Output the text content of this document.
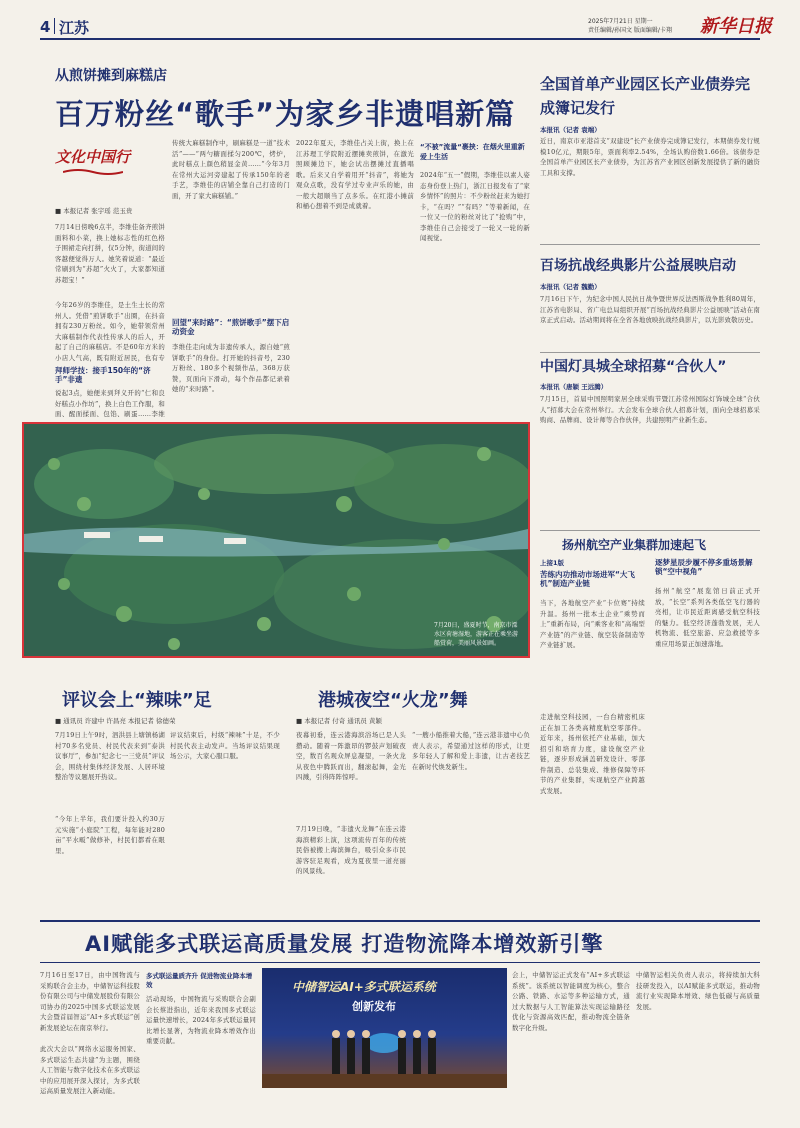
4 江苏	2025年7月21日 星期一
责任编辑/孙国文 版面编辑/卡翔 新华日报
从煎饼摊到麻糕店
百万粉丝“歌手”为家乡非遗唱新篇
文化中国行
■ 本报记者 张宇瑶 范玉贵
7月14日傍晚6点半，李维佳备齐煎饼面料和小菜，换上她标志性的红色格子围裙走向打拼，仅5分钟，街道间的客越便觉得万人。她笑着说道：“最近常刷到为“苏超”火火了，大家都知道苏超宝！”
今年26岁的李维佳，是土生土长的常州人。凭借“煎饼歌手”出圈，在抖音拥有230万粉丝。如今，她带领常州大麻糕制作代表性传承人的后人，开起了自己的麻糕店。不是60年方米的小店人气高，既有附近居民，也有专
拜师学技：接手150年的“济手”非遗
说起3点，她便来到拜义开的“仁和良好糕点小作坊”，换上白色工作服，和面、醒面揉面、包馅、刷蛋……李维
传统大麻糕制作中，刷麻糕是一道“技术活”——“两勺糖面揉匀200℃，烤炉，此时糕点上颜色稍显金黄……“今年3月在常州大运河旁建起了传承150年的老手艺，李维佳的店铺全靠自己打造的门面，开了家大麻糕铺。”
回望“来时路”：“煎饼歌手”摆下启动资金
李维佳走向成为非遗传承人，源自她“煎饼歌手”的身份。打开她的抖音号，230万粉丝、180多个视频作品，368万获赞，页面向下滑动，每个作品都记录着她的“来时路”。
2022年夏天，李维佳占关上街，换上在江苏理工学院附近摆摊卖煎饼，在激光照顾摊边下，她会试出摆摊过直播唱歌。后来又自学着用开“抖音”，将她为观众点歌，没有学过专业声乐的她，由一般大超顺当了点多乐。在红港小摊前和桶心想着不到是成就着。
“不被”流量“裹挟：在烟火里重新爱上生活
2024年“五一”假期，李维佳以素人姿态身份登上热门，浙江日报发布了“家乡情怀”的照片：不少粉丝赶来为她打卡，“在吗？”“有吗？”等着新闻，在一位又一位的粉丝对比了“抢购”中，李维佳自己会接受了一轮又一轮的新闻视觉。
7月20日，盛夏时节，南京市溧水区荷塘湿地，游客正在乘坐游船赏荷，美丽风景如画。
全国首单产业园区长产业债券完成簿记发行
本报讯（记者 袁端）
近日，南京市亚港首支“双建设”长产业债券完成簿记发行，本期债券发行规模10亿元，期限5年，票面利率2.54%，全场认购倍数1.66倍。该债券是全国首单产业园区长产业债券，为江苏省产业园区创新发展提供了新的融资工具和支撑。
百场抗战经典影片公益展映启动
本报讯（记者 魏勤）
7月16日下午，为纪念中国人民抗日战争暨世界反法西斯战争胜利80周年，江苏省电影局、省广电总局组织开展“百场抗战经典影片公益展映”活动在南京正式启动。活动期间将在全省各地放映抗战经典影片，以光影致敬历史。
中国灯具城全球招募“合伙人”
本报讯（唐颖 王远腾）
7月15日，首届中国照明家居全球采购节暨江苏常州国际灯饰城全球“合伙人”招募大会在常州举行。大会发布全球合伙人招募计划，面向全球招募采购商、品牌商、设计师等合作伙伴，共建照明产业新生态。
扬州航空产业集群加速起飞
上接1版
苦练内功推动市场进军“大飞机”制造产业链
逐梦星辰步履不停多重场景解锁“空中视角”
当下，各地航空产业“卡位赛”持续升温。扬州一批本土企业“乘势而上”重新布局，向“乘客业和“高端型产业链”的产业链、航空装备制造等产业链扩展。
走进航空科技园，一台台精密机床正在加工各类高精度航空零部件。近年来，扬州依托产业基础，加大招引和培育力度，建设航空产业链，逐步形成涵盖研发设计、零部件制造、总装集成、维修保障等环节的产业集群，实现航空产业跨越式发展。
扬州“航空”展览馆日前正式开放，“长空”系列各类低空飞行器的亮相，让市民近距离感受航空科技的魅力。低空经济蓬勃发展，无人机物流、低空旅游、应急救援等多重应用场景正加速落地。
评议会上“辣味”足
■ 通讯员 许建中 许昌亮 本报记者 徐德荣
7月19日上午9时，泗洪县上塘镇杨湖村70多名党员、村民代表来到“泰洪议事厅”，参加“纪念七一三党员”评议会，围绕村集体经济发展、人居环境整治等议题展开热议。
“今年上半年，我们要计投入约30万元实施“小庭院”工程，每年能对280亩“平水畈”做修补，村民们都看在眼里。
评议结束后，村级“辣味”十足，不少村民代表主动发声。当场评议结果现场公示，大家心服口服。
港城夜空“火龙”舞
■ 本报记者 付奇 通讯员 黄颖
夜幕初垂，连云港海滨浴场已是人头攒动。随着一阵激昂的锣鼓声划破夜空，数百名观众屏息凝望，一条火龙从夜色中腾跃而出，翻滚起舞，金光四溅，引得阵阵惊呼。
7月19日晚，“非遗火龙舞”在连云港海滨精彩上演，这项流传百年的传统民俗被搬上海滨舞台，吸引众多市民游客驻足观看，成为夏夜里一道亮丽的风景线。
“一艘小船推着大船，”连云港非遗中心负责人表示，希望通过这样的形式，让更多年轻人了解和爱上非遗，让古老技艺在新时代焕发新生。
AI赋能多式联运高质量发展 打造物流降本增效新引擎
7月16日至17日，由中国物流与采购联合会主办，中储智运科技股份有限公司与中储发展股份有限公司协办的2025中国多式联运发展大会暨首届智运“AI+多式联运”创新发展论坛在南京举行。
此次大会以“网络水运服务国家、多式联运生态共建”为主题，围绕人工智能与数字化技术在多式联运中的应用展开深入探讨，为多式联运高质量发展注入新动能。
多式联运量质齐升 促进物流业降本增效
活动现场，中国物流与采购联合会副会长蔡进指出，近年来我国多式联运运量快速增长，2024年多式联运量同比增长显著，为物流业降本增效作出重要贡献。
中储智运AI+多式联运系统
创新发布
会上，中储智运正式发布“AI+多式联运系统”。该系统以智能调度为核心，整合公路、铁路、水运等多种运输方式，通过大数据与人工智能算法实现运输路径优化与资源高效匹配，推动物流全链条数字化升级。
中储智运相关负责人表示，将持续加大科技研发投入，以AI赋能多式联运，推动物流行业实现降本增效、绿色低碳与高质量发展。
